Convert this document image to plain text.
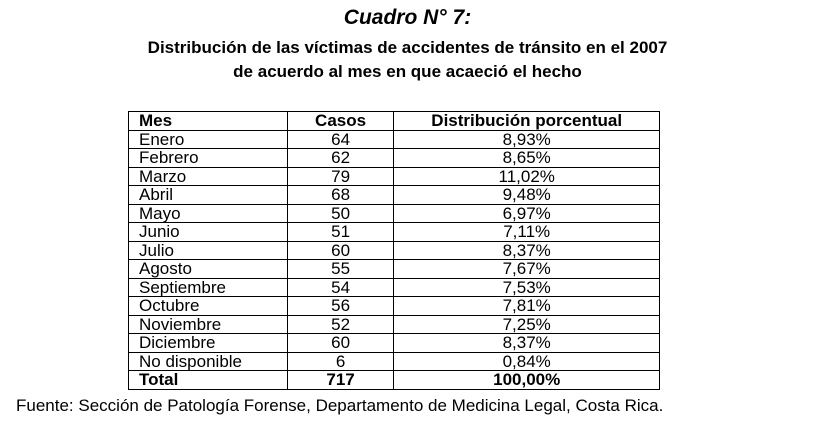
Cuadro N° 7:
Distribución de las víctimas de accidentes de tránsito en el 2007
de acuerdo al mes en que acaeció el hecho
Mes	Casos	Distribución porcentual
Enero	64	8,93%
Febrero	62	8,65%
Marzo	79	11,02%
Abril	68	9,48%
Mayo	50	6,97%
Junio	51	7,11%
Julio	60	8,37%
Agosto	55	7,67%
Septiembre	54	7,53%
Octubre	56	7,81%
Noviembre	52	7,25%
Diciembre	60	8,37%
No disponible	6	0,84%
Total	717	100,00%
Fuente: Sección de Patología Forense, Departamento de Medicina Legal, Costa Rica.
